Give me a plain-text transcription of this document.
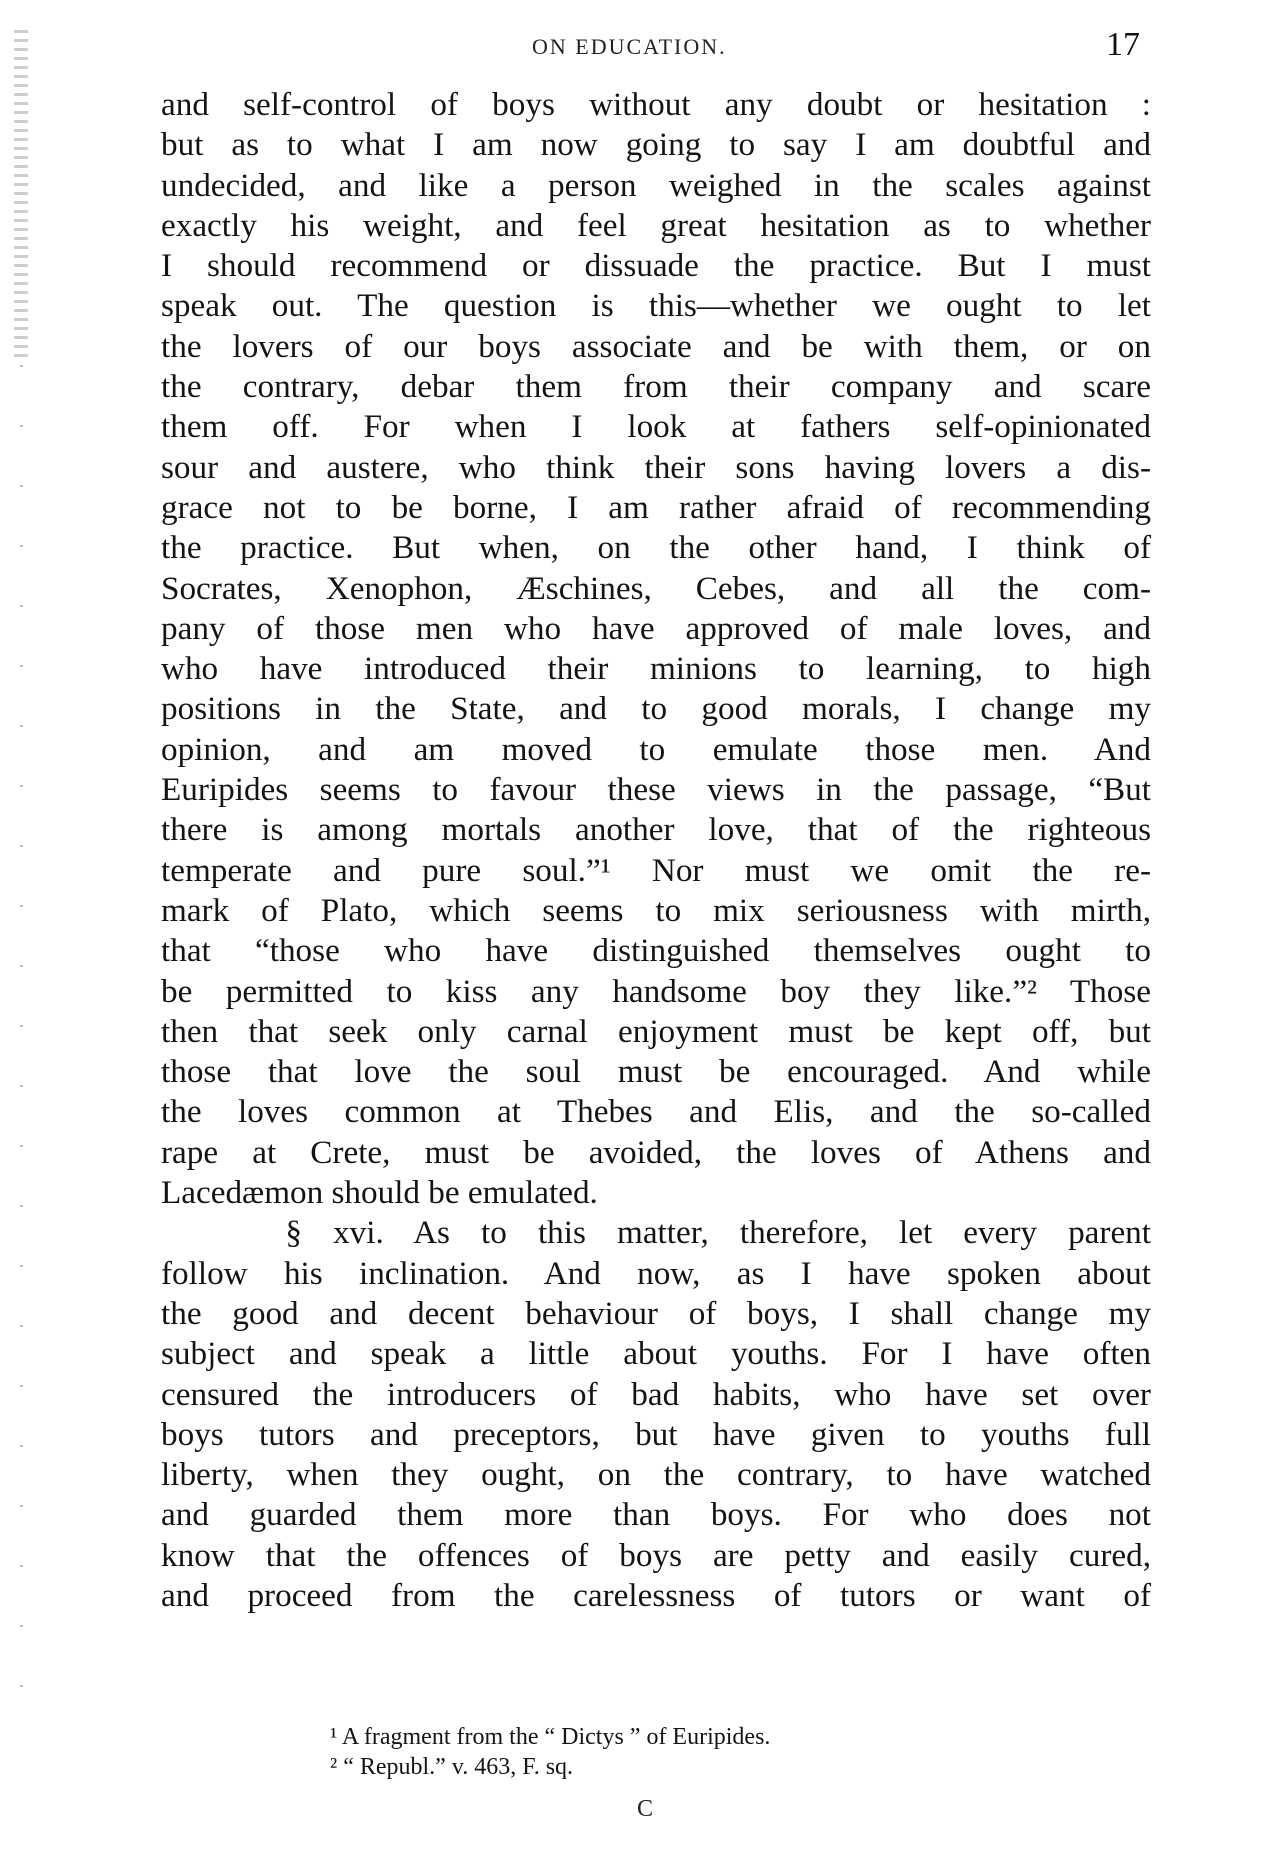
ON EDUCATION.	17
and self-control of boys without any doubt or hesitation :
but as to what I am now going to say I am doubtful and
undecided, and like a person weighed in the scales against
exactly his weight, and feel great hesitation as to whether
I should recommend or dissuade the practice. But I must
speak out. The question is this—whether we ought to let
the lovers of our boys associate and be with them, or on
the contrary, debar them from their company and scare
them off. For when I look at fathers self-opinionated
sour and austere, who think their sons having lovers a dis-
grace not to be borne, I am rather afraid of recommending
the practice. But when, on the other hand, I think of
Socrates, Xenophon, Æschines, Cebes, and all the com-
pany of those men who have approved of male loves, and
who have introduced their minions to learning, to high
positions in the State, and to good morals, I change my
opinion, and am moved to emulate those men. And
Euripides seems to favour these views in the passage, “But
there is among mortals another love, that of the righteous
temperate and pure soul.”¹ Nor must we omit the re-
mark of Plato, which seems to mix seriousness with mirth,
that “those who have distinguished themselves ought to
be permitted to kiss any handsome boy they like.”² Those
then that seek only carnal enjoyment must be kept off, but
those that love the soul must be encouraged. And while
the loves common at Thebes and Elis, and the so-called
rape at Crete, must be avoided, the loves of Athens and
Lacedæmon should be emulated.
§ xvi. As to this matter, therefore, let every parent
follow his inclination. And now, as I have spoken about
the good and decent behaviour of boys, I shall change my
subject and speak a little about youths. For I have often
censured the introducers of bad habits, who have set over
boys tutors and preceptors, but have given to youths full
liberty, when they ought, on the contrary, to have watched
and guarded them more than boys. For who does not
know that the offences of boys are petty and easily cured,
and proceed from the carelessness of tutors or want of
¹ A fragment from the “ Dictys ” of Euripides.
² “ Republ.” v. 463, F. sq.
C
